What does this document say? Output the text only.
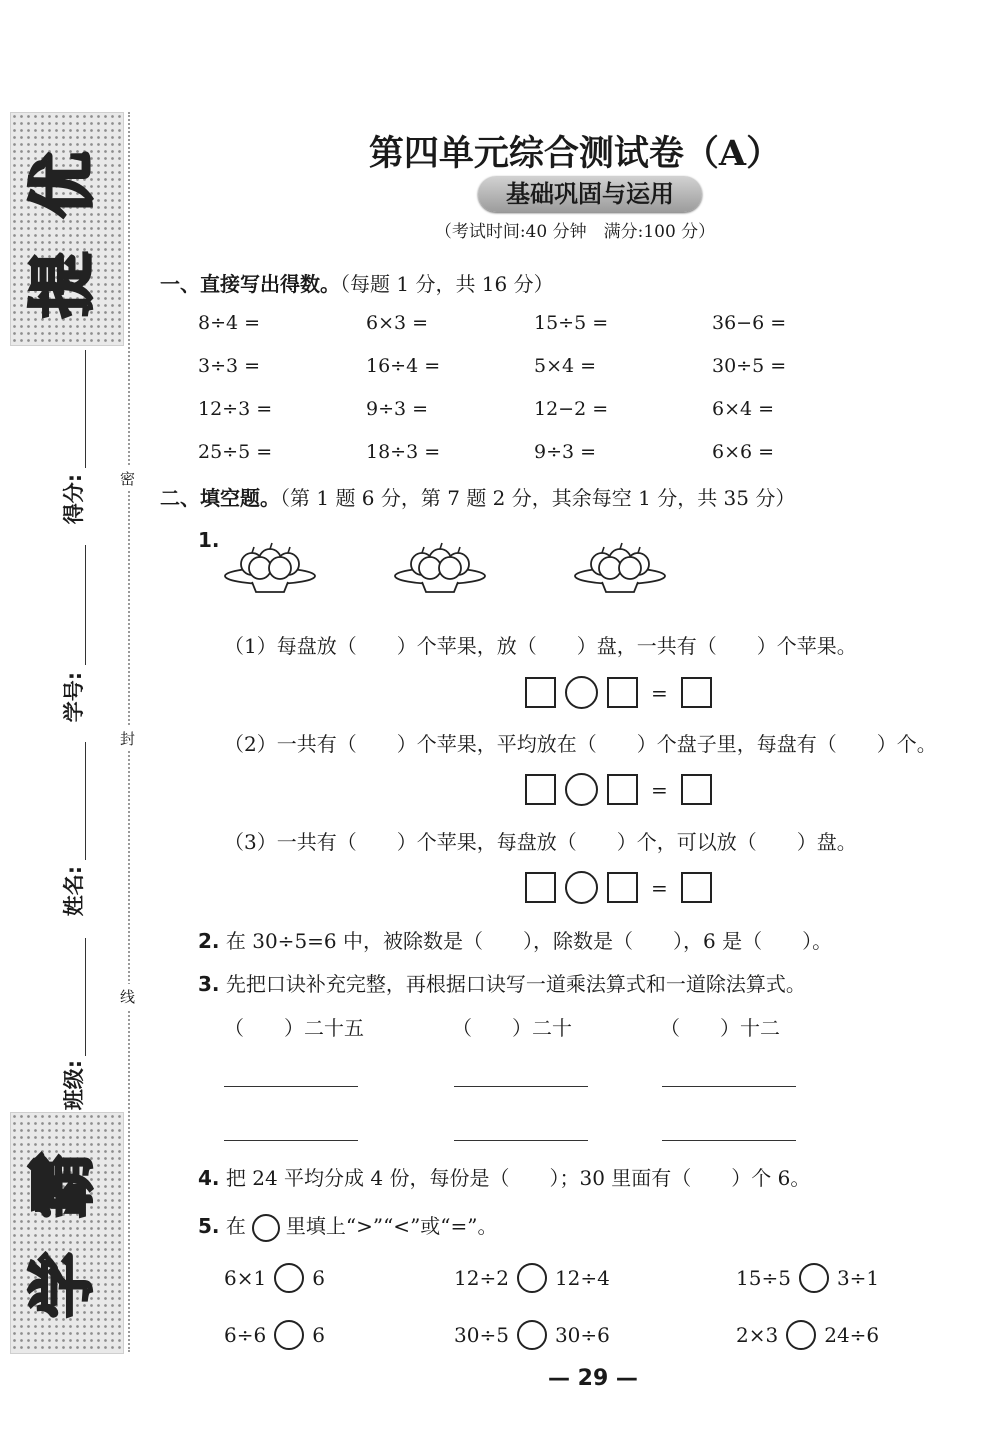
提
优
学
霸
得分:
学号:
姓名:
班级:
密
封
线
第四单元综合测试卷（A）
基础巩固与运用
（考试时间:40 分钟　满分:100 分）
一、直接写出得数。（每题 1 分，共 16 分）
8÷4 =	6×3 =	15÷5 =	36−6 =
3÷3 =	16÷4 =	5×4 =	30÷5 =
12÷3 =	9÷3 =	12−2 =	6×4 =
25÷5 =	18÷3 =	9÷3 =	6×6 =
二、填空题。（第 1 题 6 分，第 7 题 2 分，其余每空 1 分，共 35 分）
1.
（1）每盘放（　　）个苹果，放（　　）盘，一共有（　　）个苹果。
=
（2）一共有（　　）个苹果，平均放在（　　）个盘子里，每盘有（　　）个。
=
（3）一共有（　　）个苹果，每盘放（　　）个，可以放（　　）盘。
=
2. 在 30÷5=6 中，被除数是（　　），除数是（　　），6 是（　　）。
3. 先把口诀补充完整，再根据口诀写一道乘法算式和一道除法算式。
（　　）二十五	（　　）二十	（　　）十二
4. 把 24 平均分成 4 份，每份是（　　）；30 里面有（　　）个 6。
5. 在 里填上“>”“<”或“=”。
6×1 6	12÷2 12÷4	15÷5 3÷1
6÷6 6	30÷5 30÷6	2×3 24÷6
— 29 —
